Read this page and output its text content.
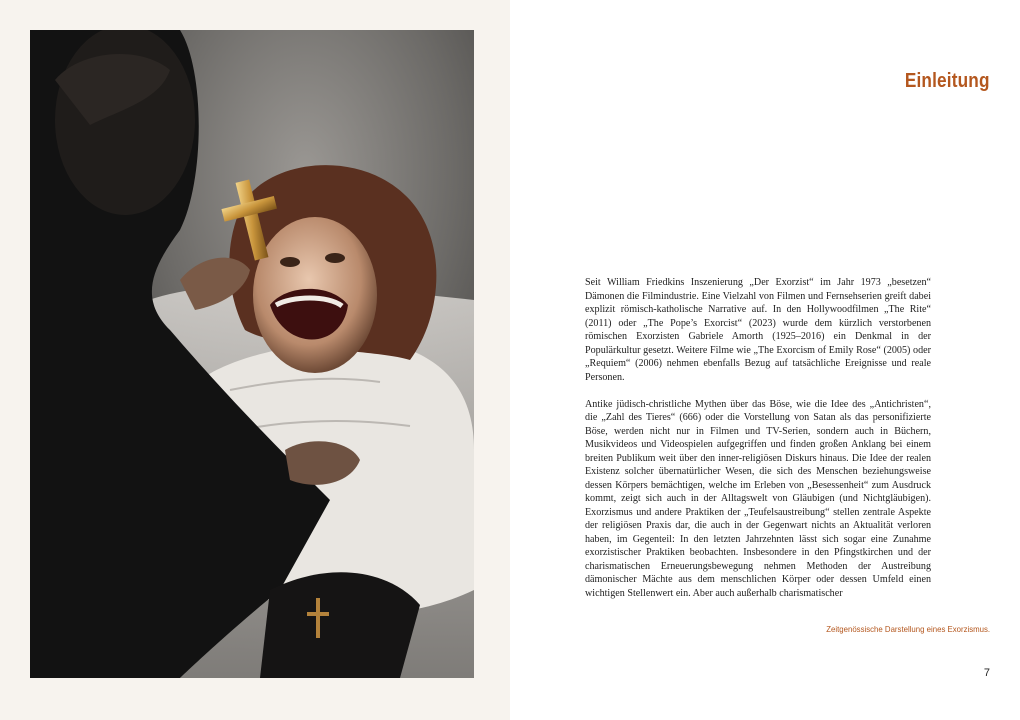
Einleitung

Seit William Friedkins Inszenierung „Der Exorzist“ im Jahr 1973 „besetzen“ Dämonen die Filmindustrie. Eine Vielzahl von Filmen und Fernsehserien greift dabei explizit römisch-katholische Narrative auf. In den Hollywoodfilmen „The Rite“ (2011) oder „The Pope’s Exorcist“ (2023) wurde dem kürzlich verstorbenen römischen Exorzisten Gabriele Amorth (1925–2016) ein Denkmal in der Populärkultur gesetzt. Weitere Filme wie „The Exorcism of Emily Rose“ (2005) oder „Requiem“ (2006) nehmen ebenfalls Bezug auf tatsächliche Ereignisse und reale Personen.

Antike jüdisch-christliche Mythen über das Böse, wie die Idee des „Antichristen“, die „Zahl des Tieres“ (666) oder die Vorstellung von Satan als das personifizierte Böse, werden nicht nur in Filmen und TV-Serien, sondern auch in Büchern, Musikvideos und Videospielen aufgegriffen und finden großen Anklang bei einem breiten Publikum weit über den inner-religiösen Diskurs hinaus. Die Idee der realen Existenz solcher übernatürlicher Wesen, die sich des Menschen beziehungsweise dessen Körpers bemächtigen, welche im Erleben von „Besessenheit“ zum Ausdruck kommt, zeigt sich auch in der Alltagswelt von Gläubigen (und Nichtgläubigen). Exorzismus und andere Praktiken der „Teufelsaustreibung“ stellen zentrale Aspekte der religiösen Praxis dar, die auch in der Gegenwart nichts an Aktualität verloren haben, im Gegenteil: In den letzten Jahrzehnten lässt sich sogar eine Zunahme exorzistischer Praktiken beobachten. Insbesondere in den Pfingstkirchen und der charismatischen Erneuerungsbewegung nehmen Methoden der Austreibung dämonischer Mächte aus dem menschlichen Körper oder dessen Umfeld einen wichtigen Stellenwert ein. Aber auch außerhalb charismatischer

Zeitgenössische Darstellung eines Exorzismus.
7
